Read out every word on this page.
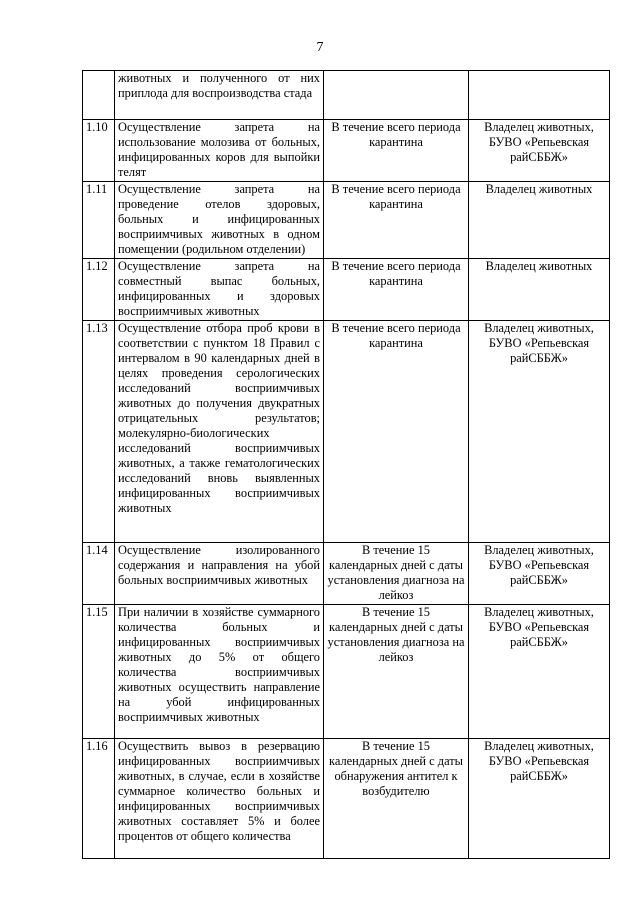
7
	животных и полученного от них приплода для воспроизводства стада		
1.10	Осуществление запрета на использование молозива от больных, инфицированных коров для выпойки телят	В течение всего периода карантина	Владелец животных, БУВО «Репьевская райСББЖ»
1.11	Осуществление запрета на проведение отелов здоровых, больных и инфицированных восприимчивых животных в одном помещении (родильном отделении)	В течение всего периода карантина	Владелец животных
1.12	Осуществление запрета на совместный выпас больных, инфицированных и здоровых восприимчивых животных	В течение всего периода карантина	Владелец животных
1.13	Осуществление отбора проб крови в соответствии с пунктом 18 Правил с интервалом в 90 календарных дней в целях проведения серологических исследований восприимчивых животных до получения двукратных отрицательных результатов; молекулярно-биологических исследований восприимчивых животных, а также гематологических исследований вновь выявленных инфицированных восприимчивых животных	В течение всего периода карантина	Владелец животных, БУВО «Репьевская райСББЖ»
1.14	Осуществление изолированного содержания и направления на убой больных восприимчивых животных	В течение 15 календарных дней с даты установления диагноза на лейкоз	Владелец животных, БУВО «Репьевская райСББЖ»
1.15	При наличии в хозяйстве суммарного количества больных и инфицированных восприимчивых животных до 5% от общего количества восприимчивых животных осуществить направление на убой инфицированных восприимчивых животных	В течение 15 календарных дней с даты установления диагноза на лейкоз	Владелец животных, БУВО «Репьевская райСББЖ»
1.16	Осуществить вывоз в резервацию инфицированных восприимчивых животных, в случае, если в хозяйстве суммарное количество больных и инфицированных восприимчивых животных составляет 5% и более процентов от общего количества	В течение 15 календарных дней с даты обнаружения антител к возбудителю	Владелец животных, БУВО «Репьевская райСББЖ»
